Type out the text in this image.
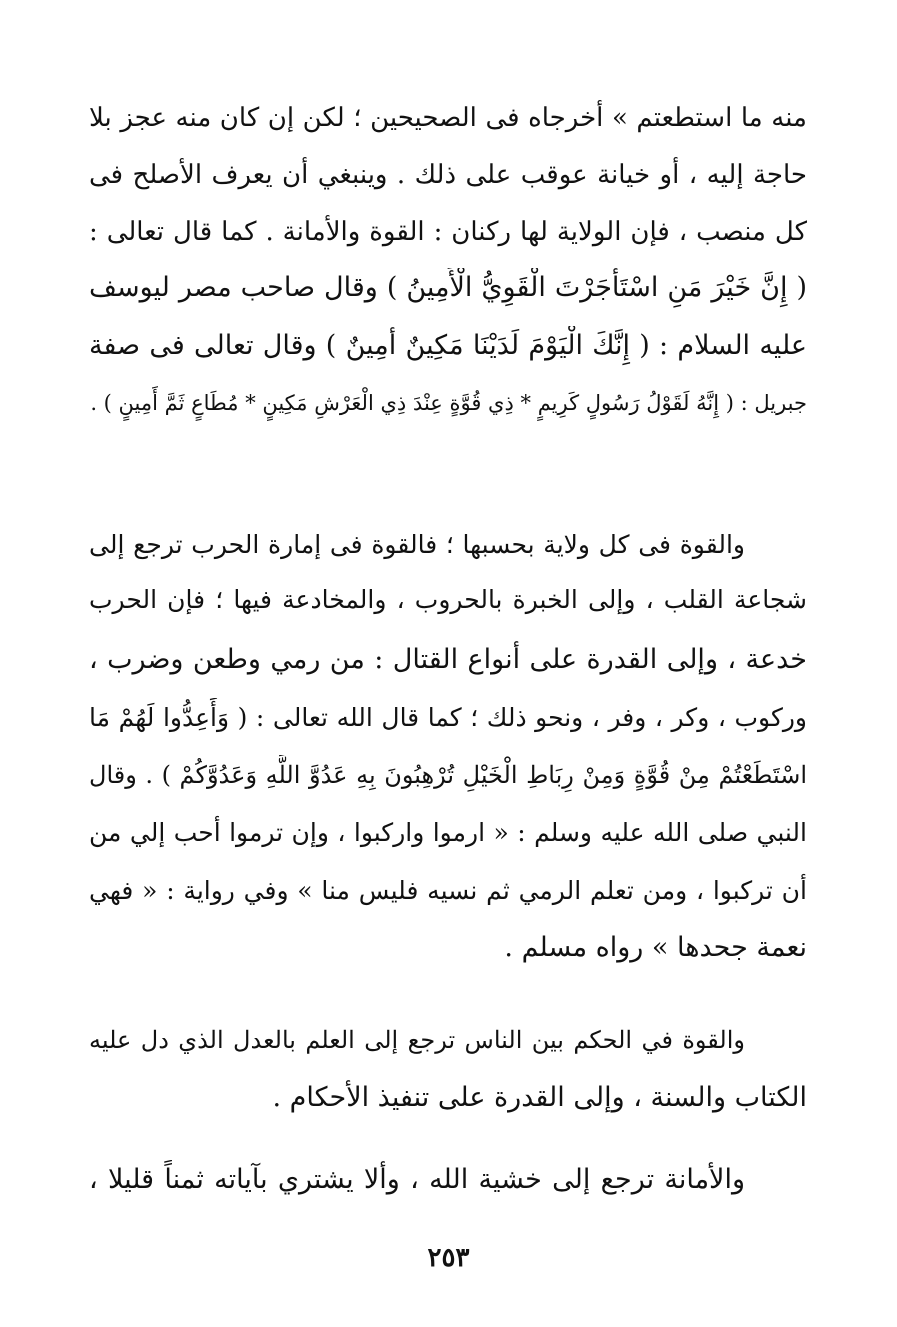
منه ما استطعتم » أخرجاه فى الصحيحين ؛ لكن إن كان منه عجز بلا
حاجة إليه ، أو خيانة عوقب على ذلك . وينبغي أن يعرف الأصلح فى
كل منصب ، فإن الولاية لها ركنان : القوة والأمانة . كما قال تعالى :
( إِنَّ خَيْرَ مَنِ اسْتَأْجَرْتَ الْقَوِيُّ الْأَمِينُ ) وقال صاحب مصر ليوسف
عليه السلام : ( إِنَّكَ الْيَوْمَ لَدَيْنَا مَكِينٌ أَمِينٌ ) وقال تعالى فى صفة
جبريل : ( إِنَّهُ لَقَوْلُ رَسُولٍ كَرِيمٍ * ذِي قُوَّةٍ عِنْدَ ذِي الْعَرْشِ مَكِينٍ * مُطَاعٍ ثَمَّ أَمِينٍ ) .
والقوة فى كل ولاية بحسبها ؛ فالقوة فى إمارة الحرب ترجع إلى
شجاعة القلب ، وإلى الخبرة بالحروب ، والمخادعة فيها ؛ فإن الحرب
خدعة ، وإلى القدرة على أنواع القتال : من رمي وطعن وضرب ،
وركوب ، وكر ، وفر ، ونحو ذلك ؛ كما قال الله تعالى : ( وَأَعِدُّوا لَهُمْ مَا
اسْتَطَعْتُمْ مِنْ قُوَّةٍ وَمِنْ رِبَاطِ الْخَيْلِ تُرْهِبُونَ بِهِ عَدُوَّ اللَّهِ وَعَدُوَّكُمْ ) . وقال
النبي صلى الله عليه وسلم : « ارموا واركبوا ، وإن ترموا أحب إلي من
أن تركبوا ، ومن تعلم الرمي ثم نسيه فليس منا » وفي رواية : « فهي
نعمة جحدها » رواه مسلم .
والقوة في الحكم بين الناس ترجع إلى العلم بالعدل الذي دل عليه
الكتاب والسنة ، وإلى القدرة على تنفيذ الأحكام .
والأمانة ترجع إلى خشية الله ، وألا يشتري بآياته ثمناً قليلا ،
٢٥٣
